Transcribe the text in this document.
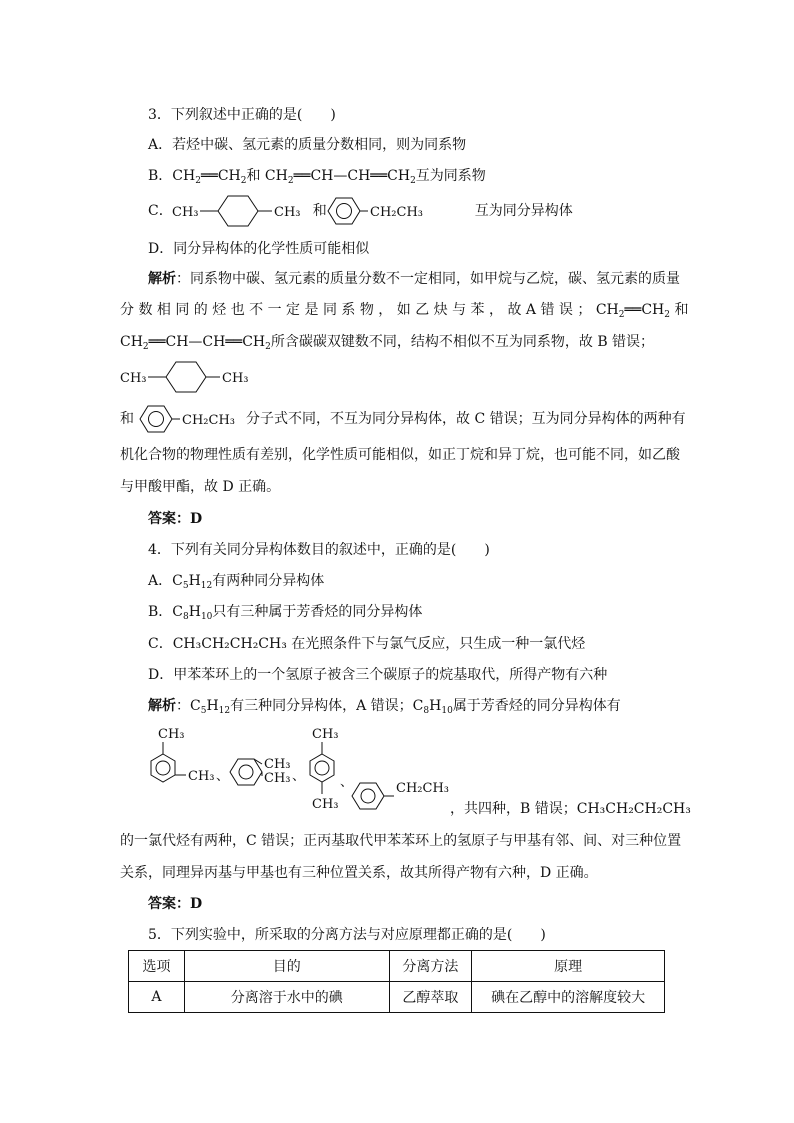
3．下列叙述中正确的是(　　)
A．若烃中碳、氢元素的质量分数相同，则为同系物
B．$CH_2══CH_2$和 $CH_2══CH—CH══CH_2$互为同系物
C．	和	互为同分异构体
CH₃	CH₃	CH₂CH₃
D．同分异构体的化学性质可能相似
解析：同系物中碳、氢元素的质量分数不一定相同，如甲烷与乙烷，碳、氢元素的质量
分 数 相 同 的 烃 也 不 一 定 是 同 系 物 ， 如 乙 炔 与 苯 ， 故 A 错 误 ； $CH_2══CH_2$ 和
$CH_2══CH—CH══CH_2$所含碳碳双键数不同，结构不相似不互为同系物，故 B 错误；
CH₃	CH₃
和	分子式不同，不互为同分异构体，故 C 错误；互为同分异构体的两种有
CH₂CH₃
机化合物的物理性质有差别，化学性质可能相似，如正丁烷和异丁烷，也可能不同，如乙酸
与甲酸甲酯，故 D 正确。
答案：D
4．下列有关同分异构体数目的叙述中，正确的是(　　)
A．$C_5H_{12}$有两种同分异构体
B．$C_8H_{10}$只有三种属于芳香烃的同分异构体
C．CH₃CH₂CH₂CH₃ 在光照条件下与氯气反应，只生成一种一氯代烃
D．甲苯苯环上的一个氢原子被含三个碳原子的烷基取代，所得产物有六种
解析：$C_5H_{12}$有三种同分异构体，A 错误；$C_8H_{10}$属于芳香烃的同分异构体有
CH₃
CH₃ 、
CH₃
CH₃ 、
CH₃
CH₃
、	CH₂CH₃
，共四种，B 错误；CH₃CH₂CH₂CH₃
的一氯代烃有两种，C 错误；正丙基取代甲苯苯环上的氢原子与甲基有邻、间、对三种位置
关系，同理异丙基与甲基也有三种位置关系，故其所得产物有六种，D 正确。
答案：D
5．下列实验中，所采取的分离方法与对应原理都正确的是(　　)
选项	目的	分离方法	原理
A	分离溶于水中的碘	乙醇萃取	碘在乙醇中的溶解度较大
